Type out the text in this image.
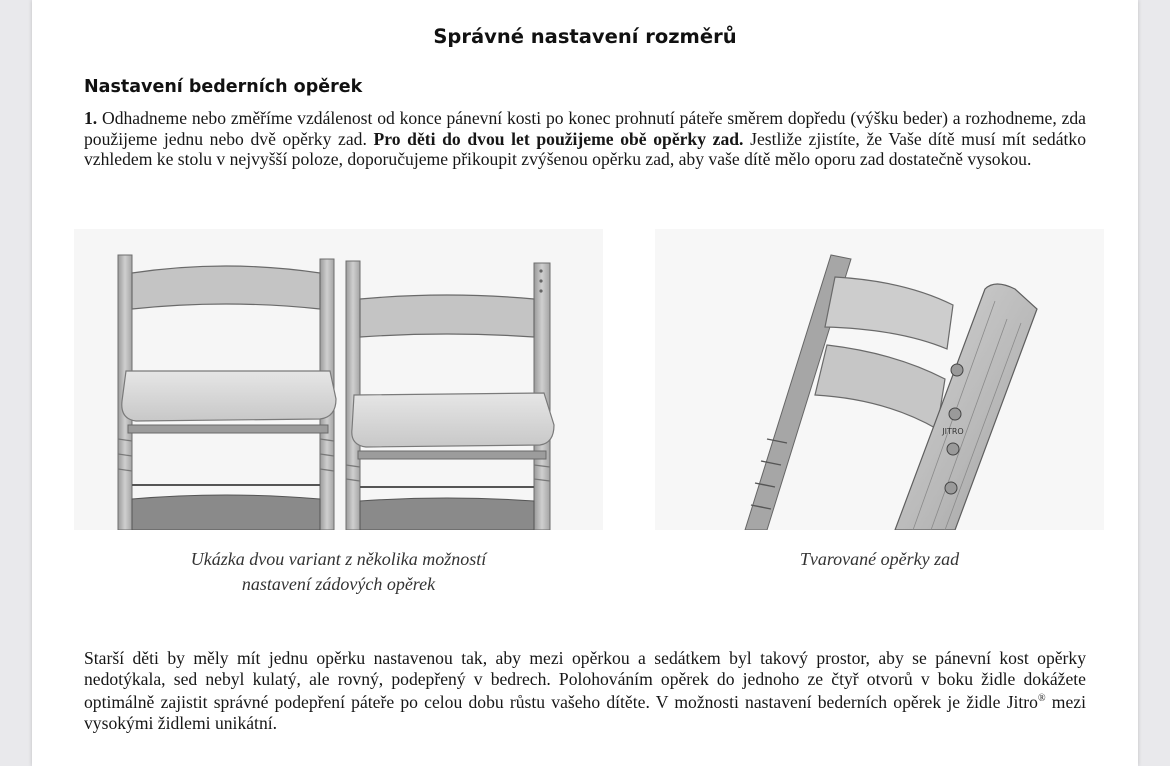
Správné nastavení rozměrů
Nastavení bederních opěrek

1. Odhadneme nebo změříme vzdálenost od konce pánevní kosti po konec prohnutí páteře směrem dopředu (výšku beder) a rozhodneme, zda použijeme jednu nebo dvě opěrky zad. Pro děti do dvou let použijeme obě opěrky zad. Jestliže zjistíte, že Vaše dítě musí mít sedátko vzhledem ke stolu v nejvyšší poloze, doporučujeme přikoupit zvýšenou opěrku zad, aby vaše dítě mělo oporu zad dostatečně vysokou.

JITRO
Ukázka dvou variant z několika možností
nastavení zádových opěrek
Tvarované opěrky zad

Starší děti by měly mít jednu opěrku nastavenou tak, aby mezi opěrkou a sedátkem byl takový prostor, aby se pánevní kost opěrky nedotýkala, sed nebyl kulatý, ale rovný, podepřený v bedrech. Polohováním opěrek do jednoho ze čtyř otvorů v boku židle dokážete optimálně zajistit správné podepření páteře po celou dobu růstu vašeho dítěte. V možnosti nastavení bederních opěrek je židle Jitro® mezi vysokými židlemi unikátní.
